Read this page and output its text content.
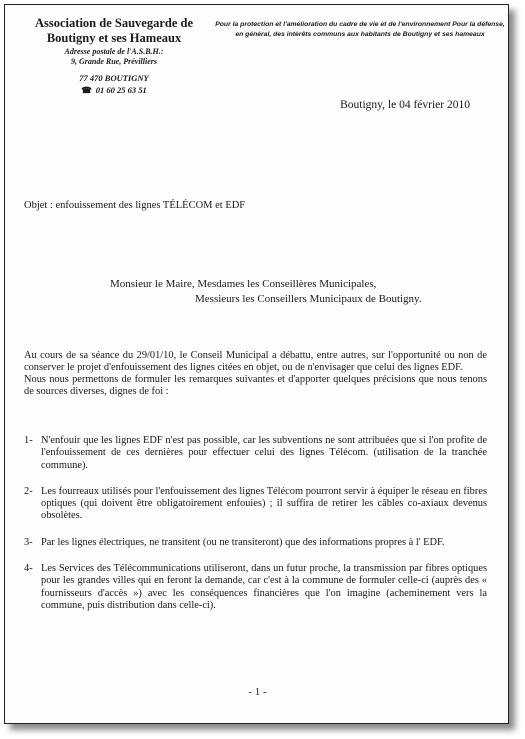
Association de Sauvegarde de Boutigny et ses Hameaux

Adresse postale de l'A.S.B.H.:
9, Grande Rue, Prévilliers

77 470 BOUTIGNY

☎ 01 60 25 63 51

Pour la protection et l'amélioration du cadre de vie et de l'environnement Pour la défense, en général, des intérêts communs aux habitants de Boutigny et ses hameaux

Boutigny, le 04 février 2010

Objet : enfouissement des lignes TÉLÉCOM et EDF

Monsieur le Maire, Mesdames les Conseillères Municipales,

Messieurs les Conseillers Municipaux de Boutigny.

Au cours de sa séance du 29/01/10, le Conseil Municipal a débattu, entre autres, sur l'opportunité ou non de conserver le projet d'enfouissement des lignes citées en objet, ou de n'envisager que celui des lignes EDF.
Nous nous permettons de formuler les remarques suivantes et d'apporter quelques précisions que nous tenons de sources diverses, dignes de foi :
1- N'enfouir que les lignes EDF n'est pas possible, car les subventions ne sont attribuées que si l'on profite de l'enfouissement de ces dernières pour effectuer celui des lignes Télécom. (utilisation de la tranchée commune).
2- Les fourreaux utilisés pour l'enfouissement des lignes Télécom pourront servir à équiper le réseau en fibres optiques (qui doivent être obligatoirement enfouies) ; il suffira de retirer les câbles co-axiaux devenus obsolètes.
3- Par les lignes électriques, ne transitent (ou ne transiteront) que des informations propres à l' EDF.
4- Les Services des Télécommunications utiliseront, dans un futur proche, la transmission par fibres optiques pour les grandes villes qui en feront la demande, car c'est à la commune de formuler celle-ci (auprès des « fournisseurs d'accès ») avec les conséquences financières que l'on imagine (acheminement vers la commune, puis distribution dans celle-ci).

- 1 -
